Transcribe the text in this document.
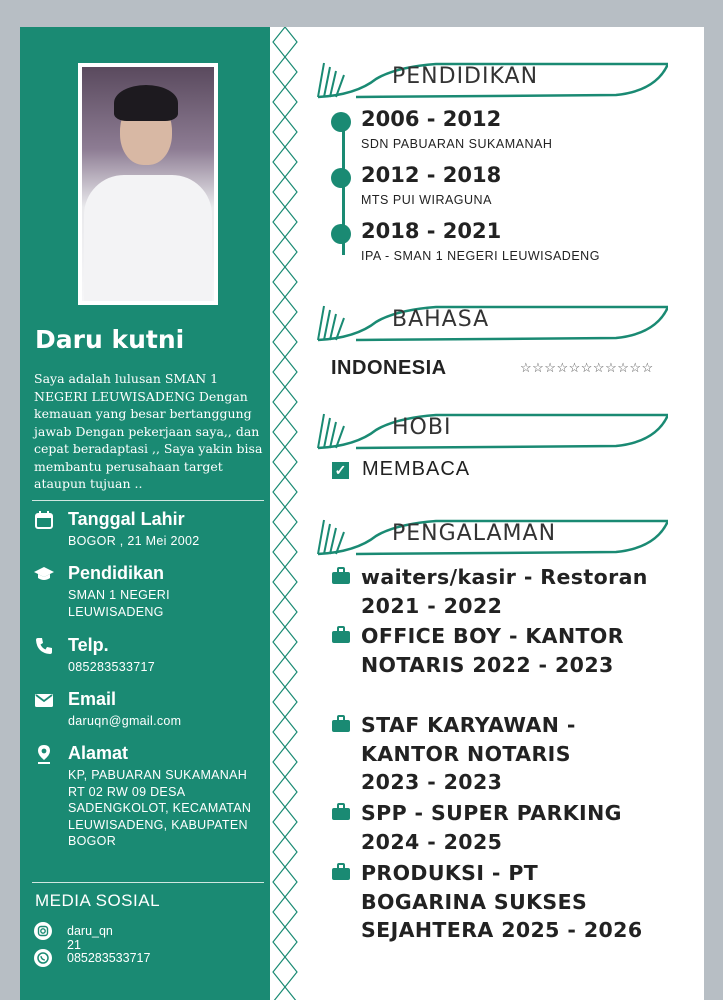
Daru kutni
Saya adalah lulusan SMAN 1 NEGERI LEUWISADENG Dengan kemauan yang besar bertanggung jawab Dengan pekerjaan saya,, dan cepat beradaptasi ,, Saya yakin bisa membantu perusahaan target ataupun tujuan ..
Tanggal Lahir
BOGOR , 21 Mei 2002
Pendidikan
SMAN 1 NEGERI LEUWISADENG
Telp.
085283533717
Email
daruqn@gmail.com
Alamat
KP, PABUARAN SUKAMANAH RT 02 RW 09 DESA SADENGKOLOT, KECAMATAN LEUWISADENG, KABUPATEN BOGOR
MEDIA SOSIAL
daru_qn 21
085283533717
PENDIDIKAN
2006 - 2012
SDN PABUARAN SUKAMANAH
2012 - 2018
MTS PUI WIRAGUNA
2018 - 2021
IPA - SMAN 1 NEGERI LEUWISADENG
BAHASA
INDONESIA	☆☆☆☆☆☆☆☆☆☆☆
HOBI
✓ MEMBACA
PENGALAMAN
waiters/kasir - Restoran 2021 - 2022
OFFICE BOY - KANTOR NOTARIS 2022 - 2023
STAF KARYAWAN - KANTOR NOTARIS 2023 - 2023
SPP - SUPER PARKING 2024 - 2025
PRODUKSI - PT BOGARINA SUKSES SEJAHTERA 2025 - 2026
